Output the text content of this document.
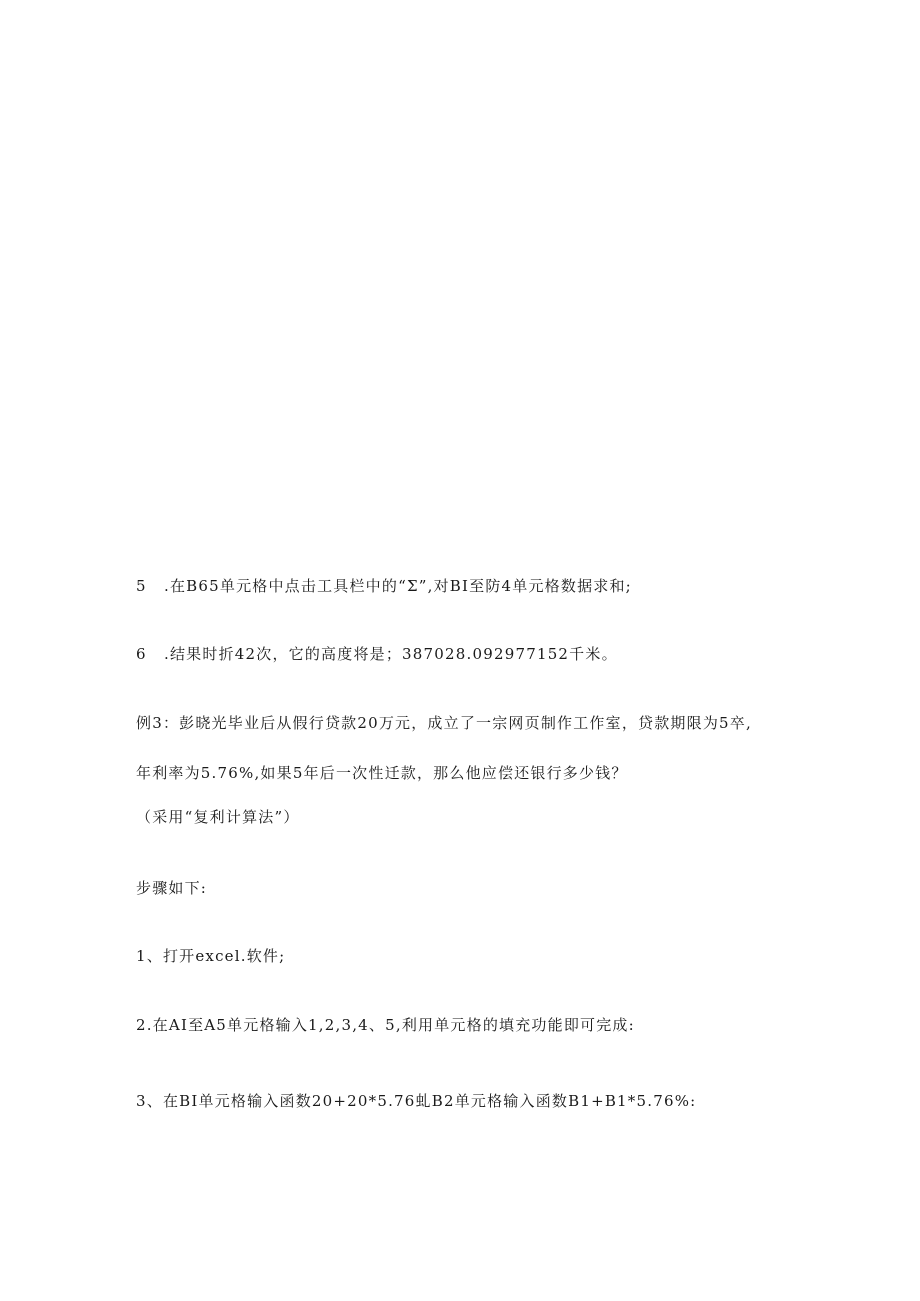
5 .在B65单元格中点击工具栏中的“Σ”,对BI至防4单元格数据求和;
6 .结果时折42次，它的高度将是；387028.092977152千米。
例3：彭晓光毕业后从假行贷款20万元，成立了一宗网页制作工作室，贷款期限为5卒,
年利率为5.76%,如果5年后一次性迁款，那么他应偿还银行多少钱？
（采用“复利计算法”）
步骤如下:
1、打开excel.软件;
2.在AI至A5单元格输入1,2,3,4、5,利用单元格的填充功能即可完成:
3、在BI单元格输入函数20+20*5.76虬B2单元格输入函数B1+B1*5.76%:
